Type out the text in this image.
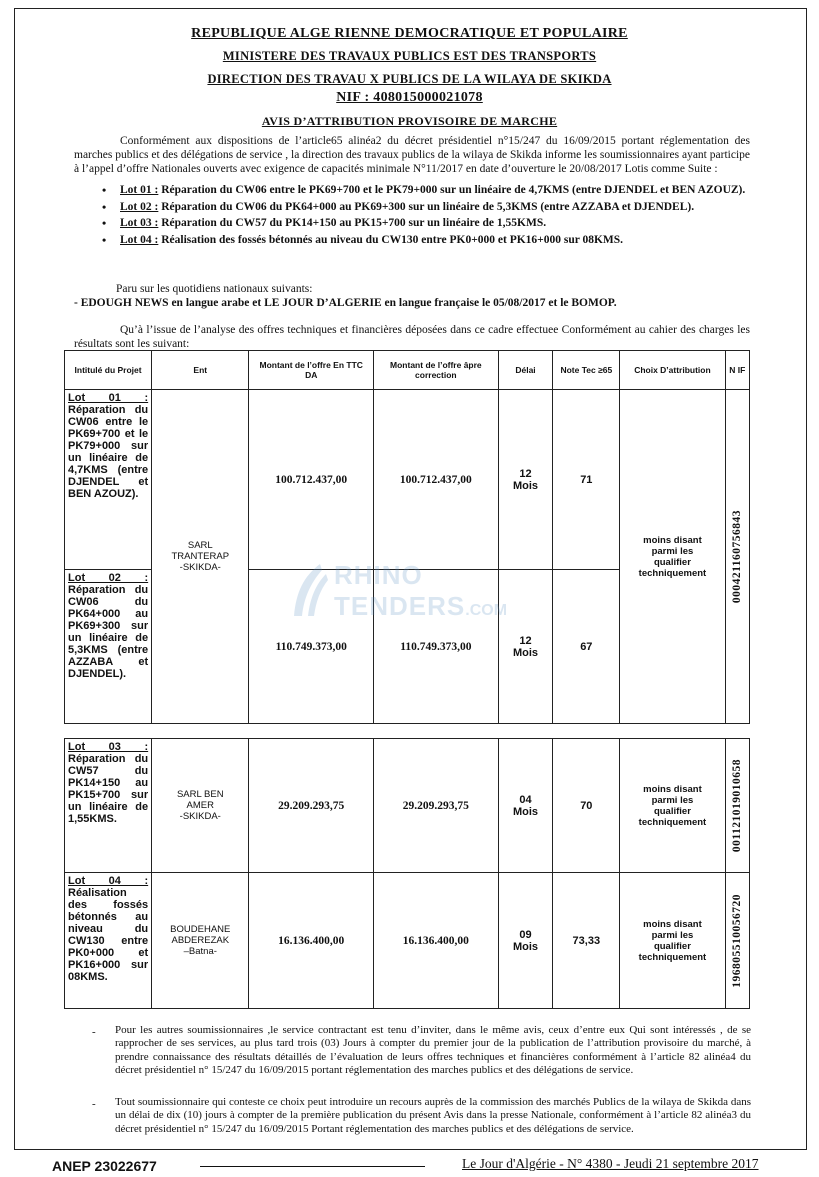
REPUBLIQUE ALGE RIENNE DEMOCRATIQUE ET POPULAIRE
MINISTERE DES TRAVAUX PUBLICS EST DES TRANSPORTS
DIRECTION DES TRAVAU X PUBLICS DE LA WILAYA DE SKIKDA
NIF : 408015000021078
AVIS D’ATTRIBUTION PROVISOIRE DE MARCHE
Conformément aux dispositions de l’article65 alinéa2 du décret présidentiel n°15/247 du 16/09/2015 portant réglementation des marches publics et des délégations de service , la direction des travaux publics de la wilaya de Skikda informe les soumissionnaires ayant participe à l’appel d’offre Nationales ouverts avec exigence de capacités minimale N°11/2017 en date d’ouverture le 20/08/2017 Lotis comme Suite :
• Lot 01 : Réparation du CW06 entre le PK69+700 et le PK79+000 sur un linéaire de 4,7KMS (entre DJENDEL et BEN AZOUZ).
• Lot 02 : Réparation du CW06 du PK64+000 au PK69+300 sur un linéaire de 5,3KMS (entre AZZABA et DJENDEL).
• Lot 03 : Réparation du CW57 du PK14+150 au PK15+700 sur un linéaire de 1,55KMS.
• Lot 04 : Réalisation des fossés bétonnés au niveau du CW130 entre PK0+000 et PK16+000 sur 08KMS.
Paru sur les quotidiens nationaux suivants:
- EDOUGH NEWS en langue arabe et LE JOUR D’ALGERIE en langue française le 05/08/2017 et le BOMOP.
Qu’à l’issue de l’analyse des offres techniques et financières déposées dans ce cadre effectuee Conformément au cahier des charges les résultats sont les suivant:
Intitulé du Projet	Ent	Montant de l’offre En TTC DA	Montant de l’offre âpre correction	Délai	Note Tec ≥65	Choix D’attribution	N IF
Lot 01 : Réparation du CW06 entre le PK69+700 et le PK79+000 sur un linéaire de 4,7KMS (entre DJENDEL et BEN AZOUZ).	SARL
TRANTERAP
-SKIKDA-	100.712.437,00	100.712.437,00	12
Mois	71	moins disant
parmi les
qualifier
techniquement	000421160756843

Lot 02 : Réparation du CW06 du PK64+000 au PK69+300 sur un linéaire de 5,3KMS (entre AZZABA et DJENDEL).		110.749.373,00	110.749.373,00	12
Mois	67		
Lot 03 : Réparation du CW57 du PK14+150 au PK15+700 sur un linéaire de 1,55KMS.	SARL BEN
AMER
-SKIKDA-	29.209.293,75	29.209.293,75	04
Mois	70	moins disant
parmi les
qualifier
techniquement	001121019010658

Lot 04 : Réalisation des fossés bétonnés au niveau du CW130 entre PK0+000 et PK16+000 sur 08KMS.	BOUDEHANE
ABDEREZAK
–Batna-	16.136.400,00	16.136.400,00	09
Mois	73,33	moins disant
parmi les
qualifier
techniquement	196805510056720
RHINO
TENDERS.COM
- Pour les autres soumissionnaires ,le service contractant est tenu d’inviter, dans le même avis, ceux d’entre eux Qui sont intéressés , de se rapprocher de ses services, au plus tard trois (03) Jours à compter du premier jour de la publication de l’attribution provisoire du marché, à prendre connaissance des résultats détaillés de l’évaluation de leurs offres techniques et financières conformément à l’article 82 alinéa4 du décret présidentiel n° 15/247 du 16/09/2015 portant réglementation des marches publics et des délégations de service.
- Tout soumissionnaire qui conteste ce choix peut introduire un recours auprès de la commission des marchés Publics de la wilaya de Skikda dans un délai de dix (10) jours à compter de la première publication du présent Avis dans la presse Nationale, conformément à l’article 82 alinéa3 du décret présidentiel n° 15/247 du 16/09/2015 Portant réglementation des marches publics et des délégations de service.
ANEP 23022677	Le Jour d'Algérie - N° 4380 - Jeudi 21 septembre 2017
